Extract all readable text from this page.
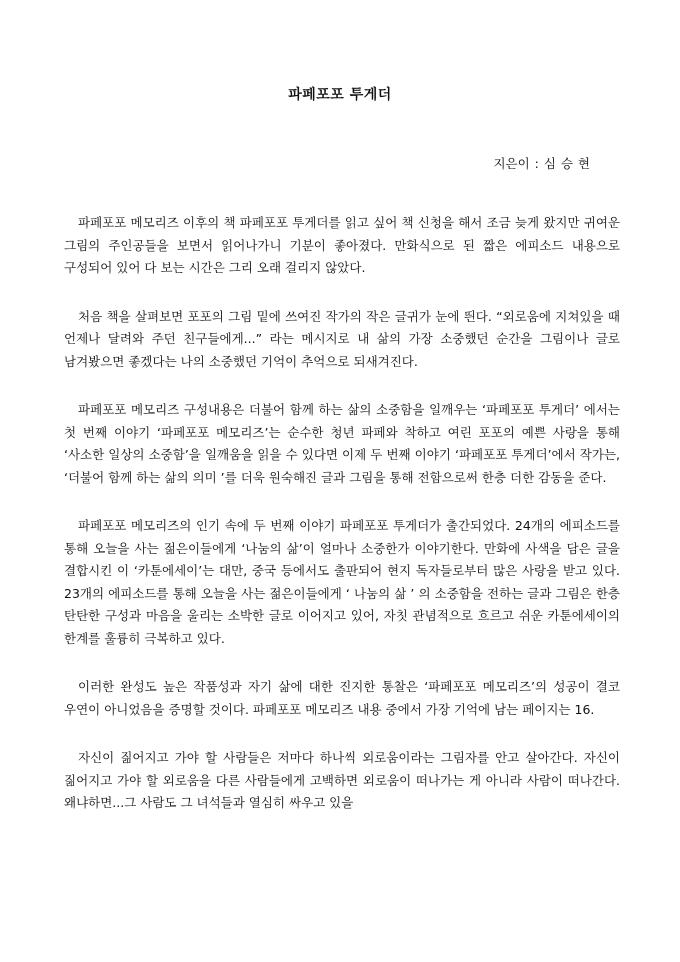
파페포포 투게더
지은이 : 심 승 현

파페포포 메모리즈 이후의 책 파페포포 투게더를 읽고 싶어 책 신청을 해서 조금 늦게 왔지만 귀여운 그림의 주인공들을 보면서 읽어나가니 기분이 좋아졌다. 만화식으로 된 짧은 에피소드 내용으로 구성되어 있어 다 보는 시간은 그리 오래 걸리지 않았다.

처음 책을 살펴보면 포포의 그림 밑에 쓰여진 작가의 작은 글귀가 눈에 띈다. “외로움에 지쳐있을 때 언제나 달려와 주던 친구들에게...” 라는 메시지로 내 삶의 가장 소중했던 순간을 그림이나 글로 남겨봤으면 좋겠다는 나의 소중했던 기억이 추억으로 되새겨진다.

파페포포 메모리즈 구성내용은 더불어 함께 하는 삶의 소중함을 일깨우는 ‘파페포포 투게더’ 에서는 첫 번째 이야기 ‘파페포포 메모리즈’는 순수한 청년 파페와 착하고 여린 포포의 예쁜 사랑을 통해 ‘사소한 일상의 소중함’을 일깨움을 읽을 수 있다면 이제 두 번째 이야기 ‘파페포포 투게더’에서 작가는, ‘더불어 함께 하는 삶의 의미 ’를 더욱 원숙해진 글과 그림을 통해 전함으로써 한층 더한 감동을 준다.

파페포포 메모리즈의 인기 속에 두 번째 이야기 파페포포 투게더가 출간되었다. 24개의 에피소드를 통해 오늘을 사는 젊은이들에게 ‘나눔의 삶’이 얼마나 소중한가 이야기한다. 만화에 사색을 담은 글을 결합시킨 이 ‘카툰에세이’는 대만, 중국 등에서도 출판되어 현지 독자들로부터 많은 사랑을 받고 있다. 23개의 에피소드를 통해 오늘을 사는 젊은이들에게 ‘ 나눔의 삶 ’ 의 소중함을 전하는 글과 그림은 한층 탄탄한 구성과 마음을 울리는 소박한 글로 이어지고 있어, 자칫 관념적으로 흐르고 쉬운 카툰에세이의 한계를 훌륭히 극복하고 있다.

이러한 완성도 높은 작품성과 자기 삶에 대한 진지한 통찰은 ‘파페포포 메모리즈’의 성공이 결코 우연이 아니었음을 증명할 것이다. 파페포포 메모리즈 내용 중에서 가장 기억에 남는 페이지는 16.

자신이 짊어지고 가야 할 사람들은 저마다 하나씩 외로움이라는 그림자를 안고 살아간다. 자신이 짊어지고 가야 할 외로움을 다른 사람들에게 고백하면 외로움이 떠나가는 게 아니라 사람이 떠나간다. 왜냐하면...그 사람도 그 녀석들과 열심히 싸우고 있을
